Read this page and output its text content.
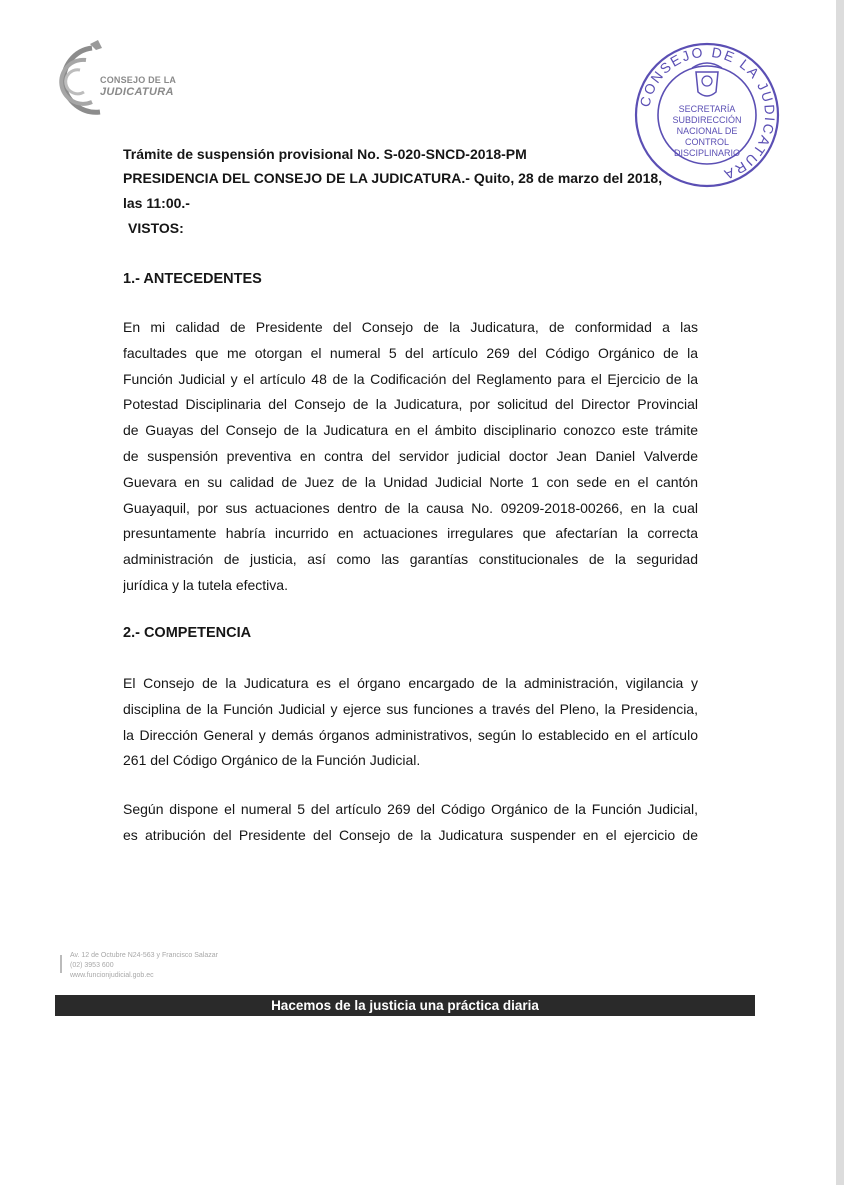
CONSEJO DE LA
JUDICATURA
CONSEJO DE LA JUDICATURA
SECRETARÍA
SUBDIRECCIÓN
NACIONAL DE
CONTROL
DISCIPLINARIO
Trámite de suspensión provisional No. S-020-SNCD-2018-PM
PRESIDENCIA DEL CONSEJO DE LA JUDICATURA.- Quito, 28 de marzo del 2018,
las 11:00.-
VISTOS:
1.- ANTECEDENTES
En mi calidad de Presidente del Consejo de la Judicatura, de conformidad a las
facultades que me otorgan el numeral 5 del artículo 269 del Código Orgánico de la
Función Judicial y el artículo 48 de la Codificación del Reglamento para el Ejercicio de la
Potestad Disciplinaria del Consejo de la Judicatura, por solicitud del Director Provincial
de Guayas del Consejo de la Judicatura en el ámbito disciplinario conozco este trámite
de suspensión preventiva en contra del servidor judicial doctor Jean Daniel Valverde
Guevara en su calidad de Juez de la Unidad Judicial Norte 1 con sede en el cantón
Guayaquil, por sus actuaciones dentro de la causa No. 09209-2018-00266, en la cual
presuntamente habría incurrido en actuaciones irregulares que afectarían la correcta
administración de justicia, así como las garantías constitucionales de la seguridad
jurídica y la tutela efectiva.
2.- COMPETENCIA
El Consejo de la Judicatura es el órgano encargado de la administración, vigilancia y
disciplina de la Función Judicial y ejerce sus funciones a través del Pleno, la Presidencia,
la Dirección General y demás órganos administrativos, según lo establecido en el artículo
261 del Código Orgánico de la Función Judicial.
Según dispone el numeral 5 del artículo 269 del Código Orgánico de la Función Judicial,
es atribución del Presidente del Consejo de la Judicatura suspender en el ejercicio de
Av. 12 de Octubre N24-563 y Francisco Salazar
(02) 3953 600
www.funcionjudicial.gob.ec
Hacemos de la justicia una práctica diaria
